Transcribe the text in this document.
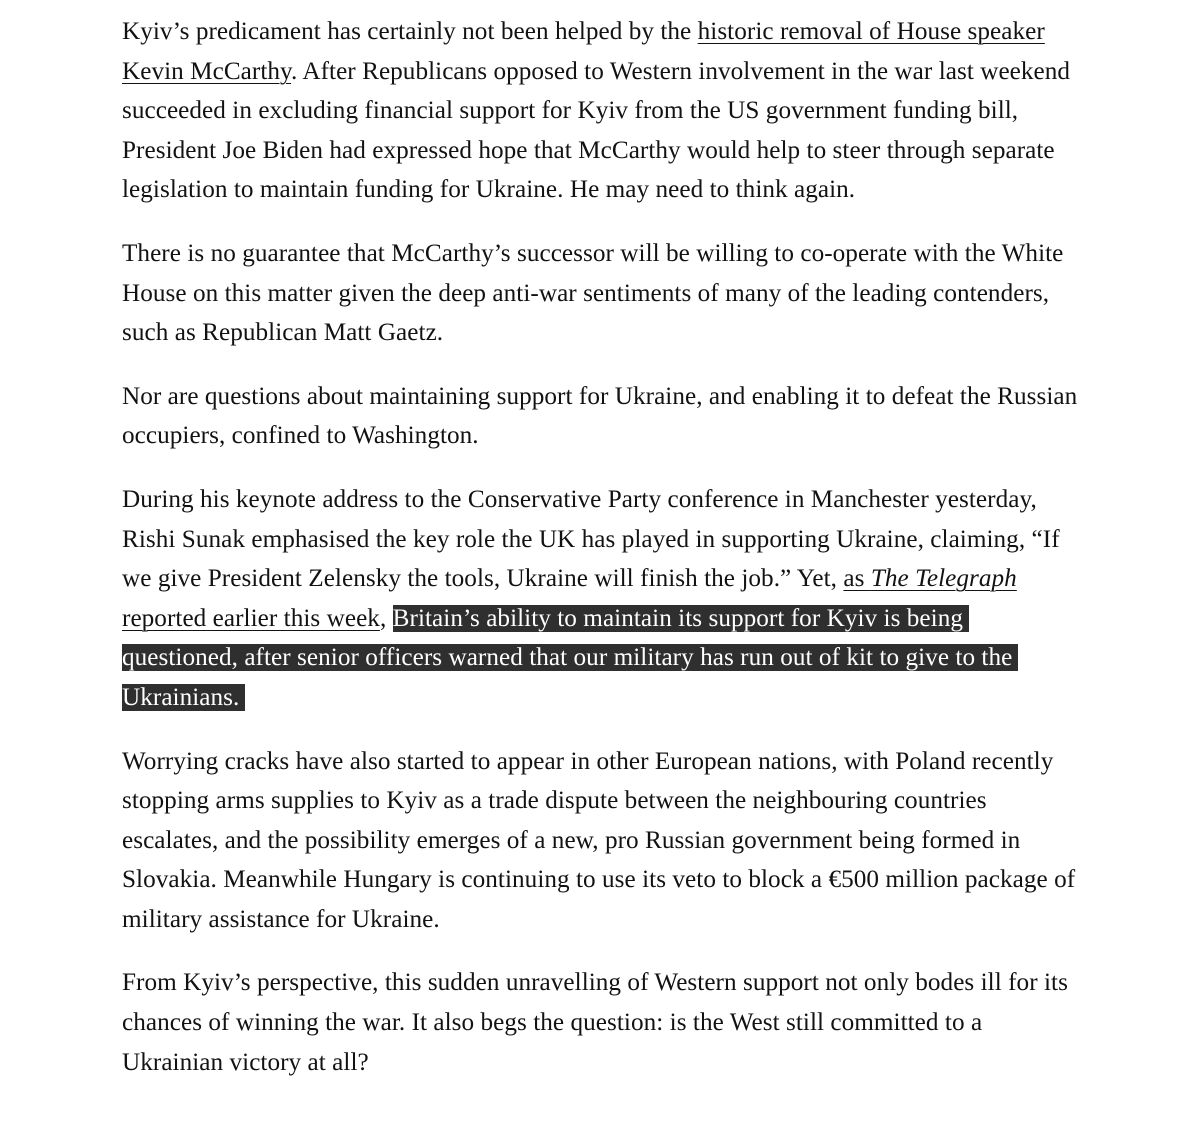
Kyiv’s predicament has certainly not been helped by the historic removal of House speaker Kevin McCarthy. After Republicans opposed to Western involvement in the war last weekend succeeded in excluding financial support for Kyiv from the US government funding bill, President Joe Biden had expressed hope that McCarthy would help to steer through separate legislation to maintain funding for Ukraine. He may need to think again.

There is no guarantee that McCarthy’s successor will be willing to co-operate with the White House on this matter given the deep anti-war sentiments of many of the leading contenders, such as Republican Matt Gaetz.

Nor are questions about maintaining support for Ukraine, and enabling it to defeat the Russian occupiers, confined to Washington.

During his keynote address to the Conservative Party conference in Manchester yesterday, Rishi Sunak emphasised the key role the UK has played in supporting Ukraine, claiming, “If we give President Zelensky the tools, Ukraine will finish the job.” Yet, as The Telegraph reported earlier this week, Britain’s ability to maintain its support for Kyiv is being questioned, after senior officers warned that our military has run out of kit to give to the Ukrainians.

Worrying cracks have also started to appear in other European nations, with Poland recently stopping arms supplies to Kyiv as a trade dispute between the neighbouring countries escalates, and the possibility emerges of a new, pro Russian government being formed in Slovakia. Meanwhile Hungary is continuing to use its veto to block a €500 million package of military assistance for Ukraine.

From Kyiv’s perspective, this sudden unravelling of Western support not only bodes ill for its chances of winning the war. It also begs the question: is the West still committed to a Ukrainian victory at all?
